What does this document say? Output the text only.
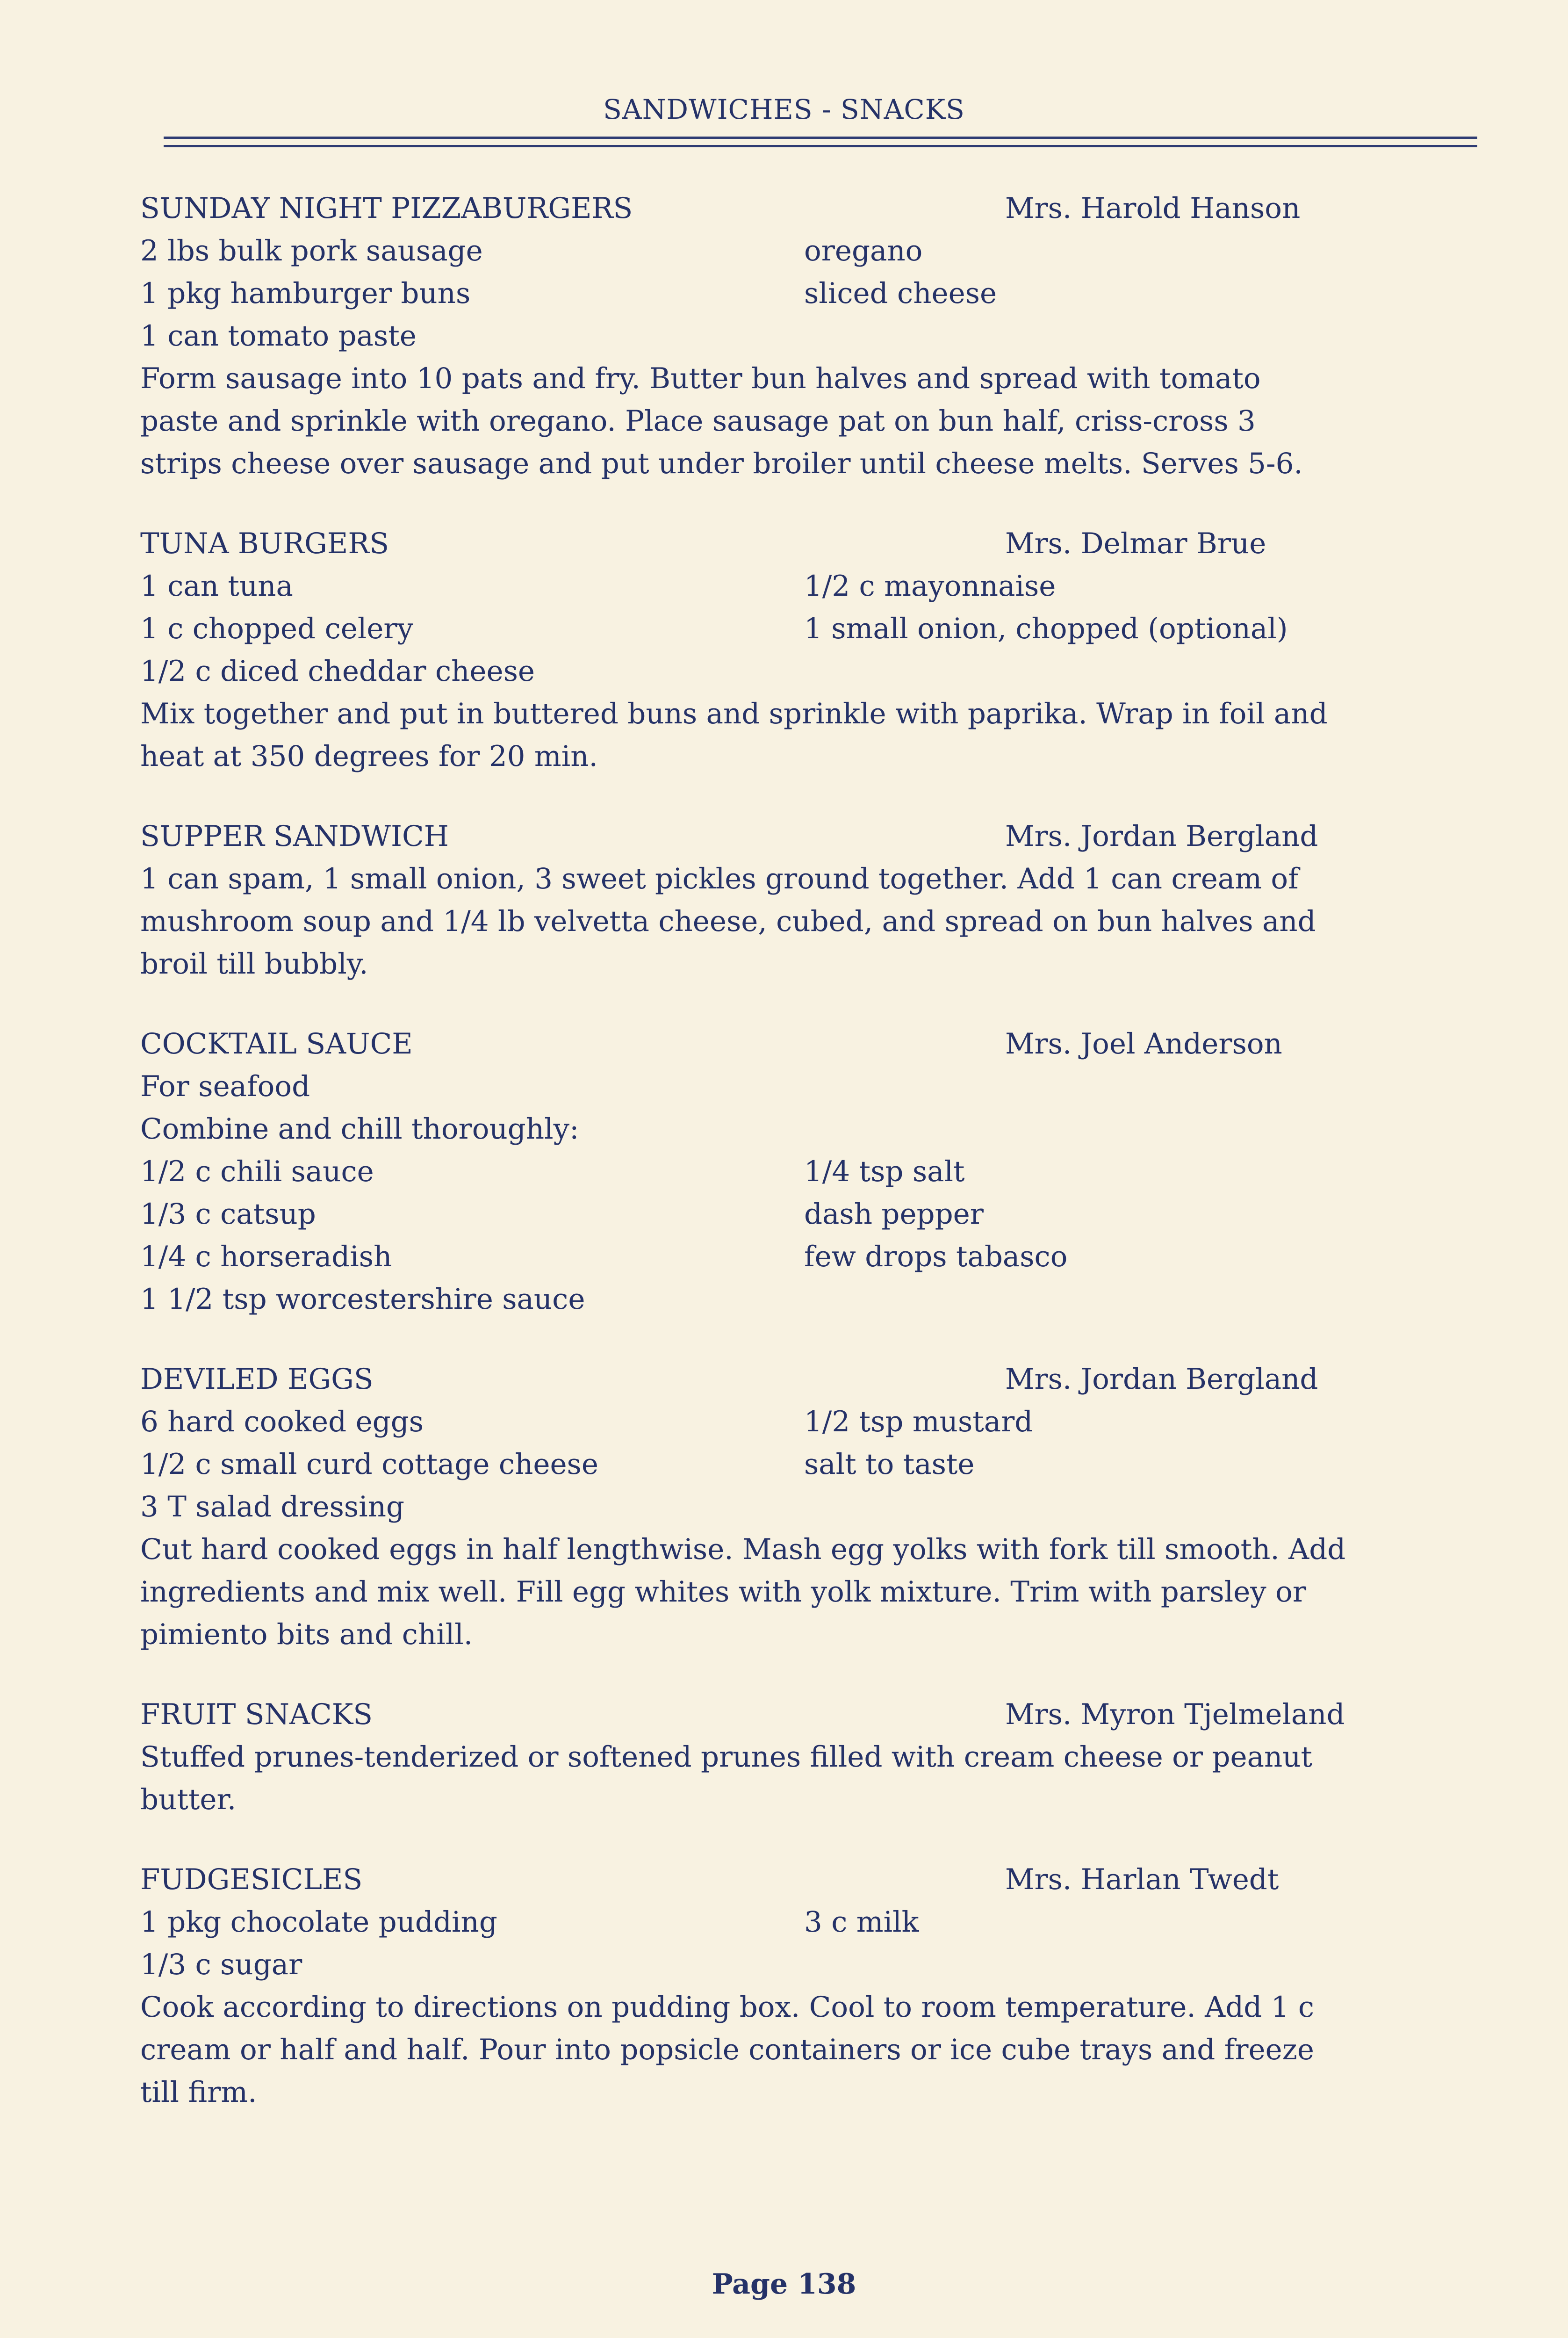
SANDWICHES - SNACKS
SUNDAY NIGHT PIZZABURGERS	Mrs. Harold Hanson
2 lbs bulk pork sausage	oregano
1 pkg hamburger buns	sliced cheese
1 can tomato paste
Form sausage into 10 pats and fry. Butter bun halves and spread with tomato
paste and sprinkle with oregano. Place sausage pat on bun half, criss-cross 3
strips cheese over sausage and put under broiler until cheese melts. Serves 5-6.
TUNA BURGERS	Mrs. Delmar Brue
1 can tuna	1/2 c mayonnaise
1 c chopped celery	1 small onion, chopped (optional)
1/2 c diced cheddar cheese
Mix together and put in buttered buns and sprinkle with paprika. Wrap in foil and
heat at 350 degrees for 20 min.
SUPPER SANDWICH	Mrs. Jordan Bergland
1 can spam, 1 small onion, 3 sweet pickles ground together. Add 1 can cream of
mushroom soup and 1/4 lb velvetta cheese, cubed, and spread on bun halves and
broil till bubbly.
COCKTAIL SAUCE	Mrs. Joel Anderson
For seafood
Combine and chill thoroughly:
1/2 c chili sauce	1/4 tsp salt
1/3 c catsup	dash pepper
1/4 c horseradish	few drops tabasco
1 1/2 tsp worcestershire sauce
DEVILED EGGS	Mrs. Jordan Bergland
6 hard cooked eggs	1/2 tsp mustard
1/2 c small curd cottage cheese	salt to taste
3 T salad dressing
Cut hard cooked eggs in half lengthwise. Mash egg yolks with fork till smooth. Add
ingredients and mix well. Fill egg whites with yolk mixture. Trim with parsley or
pimiento bits and chill.
FRUIT SNACKS	Mrs. Myron Tjelmeland
Stuffed prunes-tenderized or softened prunes filled with cream cheese or peanut
butter.
FUDGESICLES	Mrs. Harlan Twedt
1 pkg chocolate pudding	3 c milk
1/3 c sugar
Cook according to directions on pudding box. Cool to room temperature. Add 1 c
cream or half and half. Pour into popsicle containers or ice cube trays and freeze
till firm.
Page 138
